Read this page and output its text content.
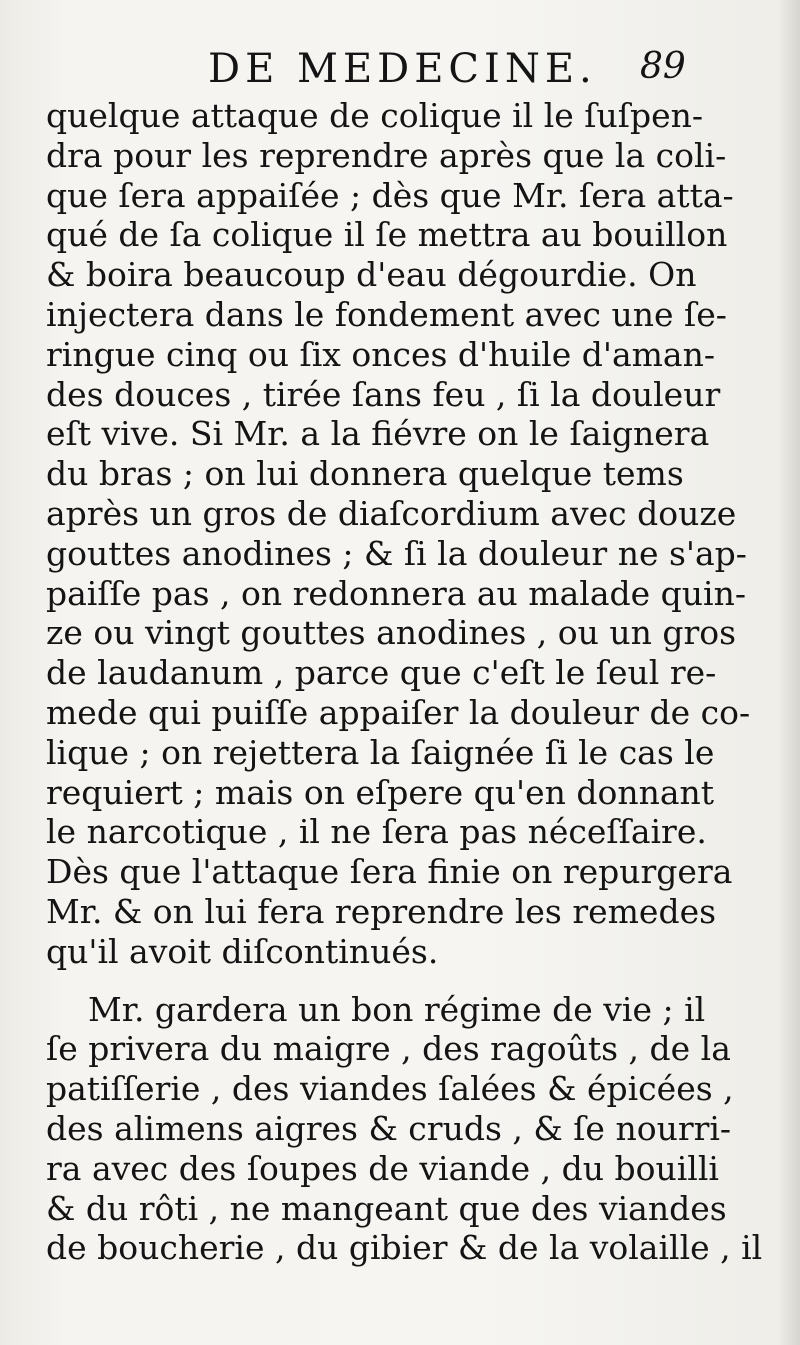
DE MEDECINE. 89
quelque attaque de colique il le ſuſpen-
dra pour les reprendre après que la coli-
que ſera appaiſée ; dès que Mr. ſera atta-
qué de ſa colique il ſe mettra au bouillon
& boira beaucoup d'eau dégourdie. On
injectera dans le fondement avec une ſe-
ringue cinq ou ſix onces d'huile d'aman-
des douces , tirée ſans feu , ſi la douleur
eſt vive. Si Mr. a la fiévre on le ſaignera
du bras ; on lui donnera quelque tems
après un gros de diaſcordium avec douze
gouttes anodines ; & ſi la douleur ne s'ap-
paiſſe pas , on redonnera au malade quin-
ze ou vingt gouttes anodines , ou un gros
de laudanum , parce que c'eſt le ſeul re-
mede qui puiſſe appaiſer la douleur de co-
lique ; on rejettera la ſaignée ſi le cas le
requiert ; mais on eſpere qu'en donnant
le narcotique , il ne ſera pas néceſſaire.
Dès que l'attaque ſera finie on repurgera
Mr. & on lui fera reprendre les remedes
qu'il avoit diſcontinués.
Mr. gardera un bon régime de vie ; il
ſe privera du maigre , des ragoûts , de la
patiſſerie , des viandes ſalées & épicées ,
des alimens aigres & cruds , & ſe nourri-
ra avec des ſoupes de viande , du bouilli
& du rôti , ne mangeant que des viandes
de boucherie , du gibier & de la volaille , il
